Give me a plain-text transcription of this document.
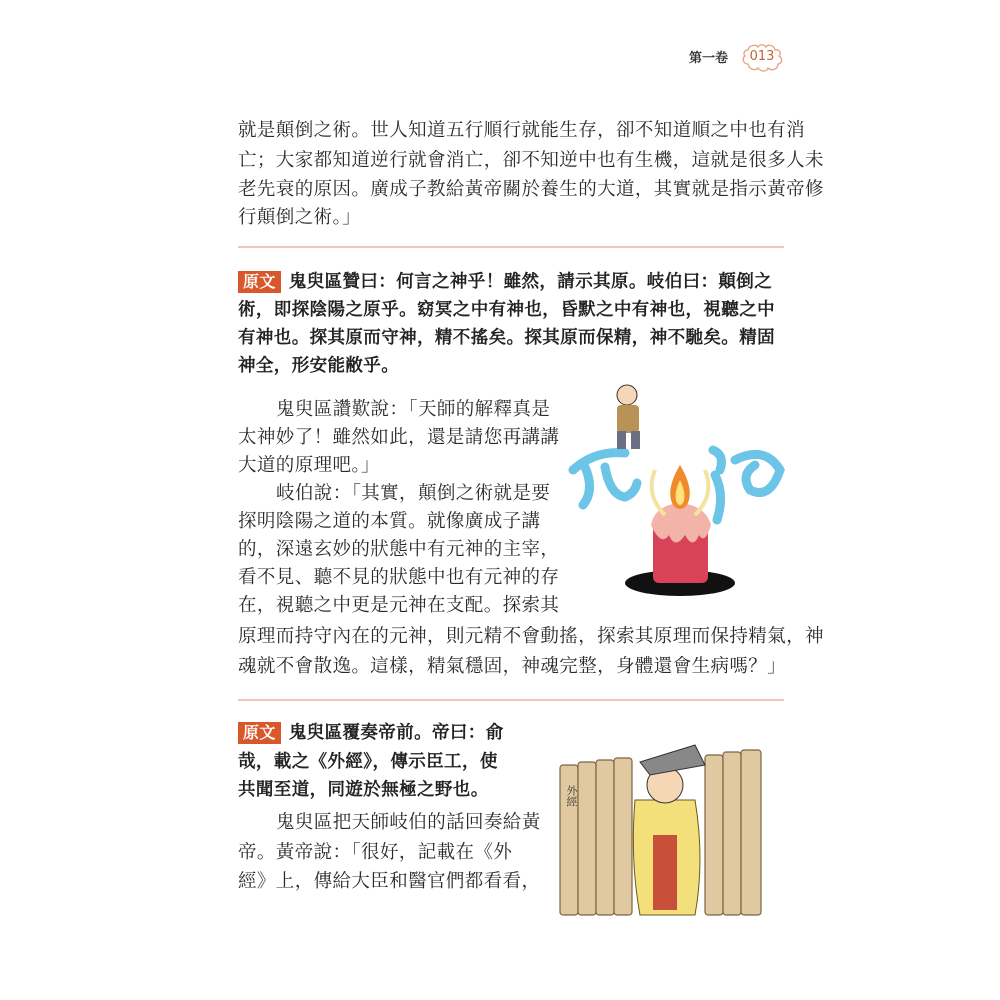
第一卷	013
就是顛倒之術。世人知道五行順行就能生存，卻不知道順之中也有消
亡；大家都知道逆行就會消亡，卻不知逆中也有生機，這就是很多人未
老先衰的原因。廣成子教給黃帝關於養生的大道，其實就是指示黃帝修
行顛倒之術。」
原文 鬼臾區贊曰：何言之神乎！雖然，請示其原。岐伯曰：顛倒之
術，即探陰陽之原乎。窈冥之中有神也，昏默之中有神也，視聽之中
有神也。探其原而守神，精不搖矣。探其原而保精，神不馳矣。精固
神全，形安能敝乎。
鬼臾區讚歎說：「天師的解釋真是
太神妙了！雖然如此，還是請您再講講
大道的原理吧。」
岐伯說：「其實，顛倒之術就是要
探明陰陽之道的本質。就像廣成子講
的，深遠玄妙的狀態中有元神的主宰，
看不見、聽不見的狀態中也有元神的存
在，視聽之中更是元神在支配。探索其
原理而持守內在的元神，則元精不會動搖，探索其原理而保持精氣，神
魂就不會散逸。這樣，精氣穩固，神魂完整，身體還會生病嗎？」
原文 鬼臾區覆奏帝前。帝曰：俞
哉，載之《外經》，傳示臣工，使
共聞至道，同遊於無極之野也。
鬼臾區把天師岐伯的話回奏給黃
帝。黃帝說：「很好，記載在《外
經》上，傳給大臣和醫官們都看看，
外經
